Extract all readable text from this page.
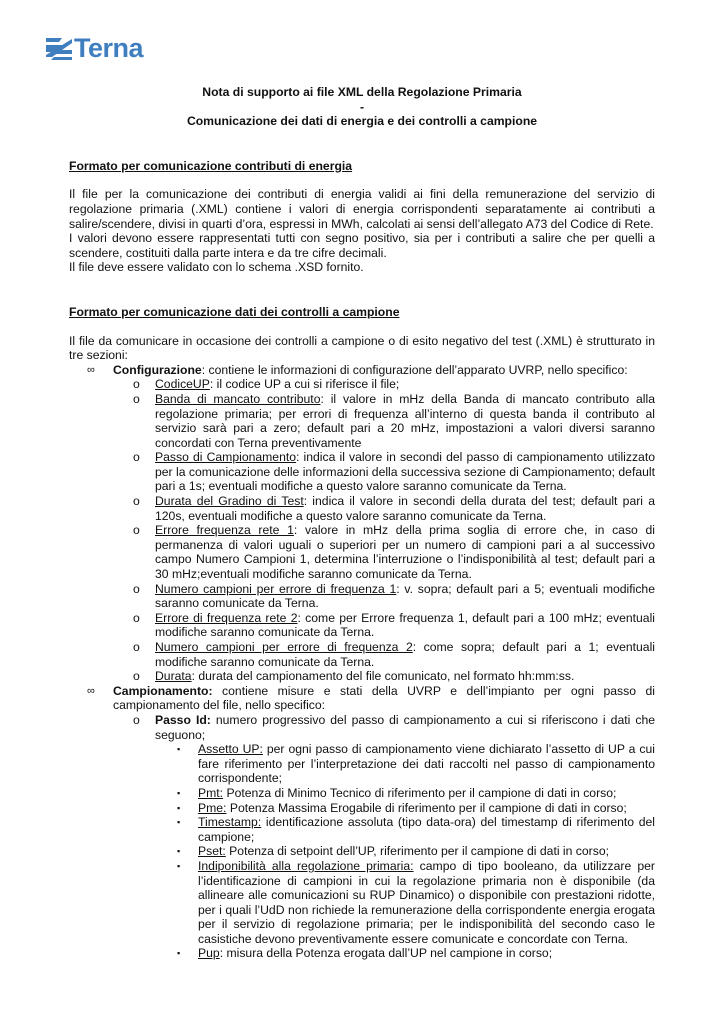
Terna

Nota di supporto ai file XML della Regolazione Primaria

-

Comunicazione dei dati di energia e dei controlli a campione

Formato per comunicazione contributi di energia

Il file per la comunicazione dei contributi di energia validi ai fini della remunerazione del servizio di regolazione primaria (.XML) contiene i valori di energia corrispondenti separatamente ai contributi a salire/scendere, divisi in quarti d’ora, espressi in MWh, calcolati ai sensi dell’allegato A73 del Codice di Rete.

I valori devono essere rappresentati tutti con segno positivo, sia per i contributi a salire che per quelli a scendere, costituiti dalla parte intera e da tre cifre decimali.

Il file deve essere validato con lo schema .XSD fornito.

Formato per comunicazione dati dei controlli a campione

Il file da comunicare in occasione dei controlli a campione o di esito negativo del test (.XML) è strutturato in tre sezioni:

∞ Configurazione: contiene le informazioni di configurazione dell’apparato UVRP, nello specifico:
o CodiceUP: il codice UP a cui si riferisce il file;
o Banda di mancato contributo: il valore in mHz della Banda di mancato contributo alla regolazione primaria; per errori di frequenza all’interno di questa banda il contributo al servizio sarà pari a zero; default pari a 20 mHz, impostazioni a valori diversi saranno concordati con Terna preventivamente
o Passo di Campionamento: indica il valore in secondi del passo di campionamento utilizzato per la comunicazione delle informazioni della successiva sezione di Campionamento; default pari a 1s; eventuali modifiche a questo valore saranno comunicate da Terna.
o Durata del Gradino di Test: indica il valore in secondi della durata del test; default pari a 120s, eventuali modifiche a questo valore saranno comunicate da Terna.
o Errore frequenza rete 1: valore in mHz della prima soglia di errore che, in caso di permanenza di valori uguali o superiori per un numero di campioni pari a al successivo campo Numero Campioni 1, determina l’interruzione o l’indisponibilità al test; default pari a 30 mHz;eventuali modifiche saranno comunicate da Terna.
o Numero campioni per errore di frequenza 1: v. sopra; default pari a 5; eventuali modifiche saranno comunicate da Terna.
o Errore di frequenza rete 2: come per Errore frequenza 1, default pari a 100 mHz; eventuali modifiche saranno comunicate da Terna.
o Numero campioni per errore di frequenza 2: come sopra; default pari a 1; eventuali modifiche saranno comunicate da Terna.
o Durata: durata del campionamento del file comunicato, nel formato hh:mm:ss.
∞ Campionamento: contiene misure e stati della UVRP e dell’impianto per ogni passo di campionamento del file, nello specifico:
o Passo Id: numero progressivo del passo di campionamento a cui si riferiscono i dati che seguono;
▪ Assetto UP: per ogni passo di campionamento viene dichiarato l’assetto di UP a cui fare riferimento per l’interpretazione dei dati raccolti nel passo di campionamento corrispondente;
▪ Pmt: Potenza di Minimo Tecnico di riferimento per il campione di dati in corso;
▪ Pme: Potenza Massima Erogabile di riferimento per il campione di dati in corso;
▪ Timestamp: identificazione assoluta (tipo data-ora) del timestamp di riferimento del campione;
▪ Pset: Potenza di setpoint dell’UP, riferimento per il campione di dati in corso;
▪ Indiponibilità alla regolazione primaria: campo di tipo booleano, da utilizzare per l’identificazione di campioni in cui la regolazione primaria non è disponibile (da allineare alle comunicazioni su RUP Dinamico) o disponibile con prestazioni ridotte, per i quali l’UdD non richiede la remunerazione della corrispondente energia erogata per il servizio di regolazione primaria; per le indisponibilità del secondo caso le casistiche devono preventivamente essere comunicate e concordate con Terna.
▪ Pup: misura della Potenza erogata dall’UP nel campione in corso;
